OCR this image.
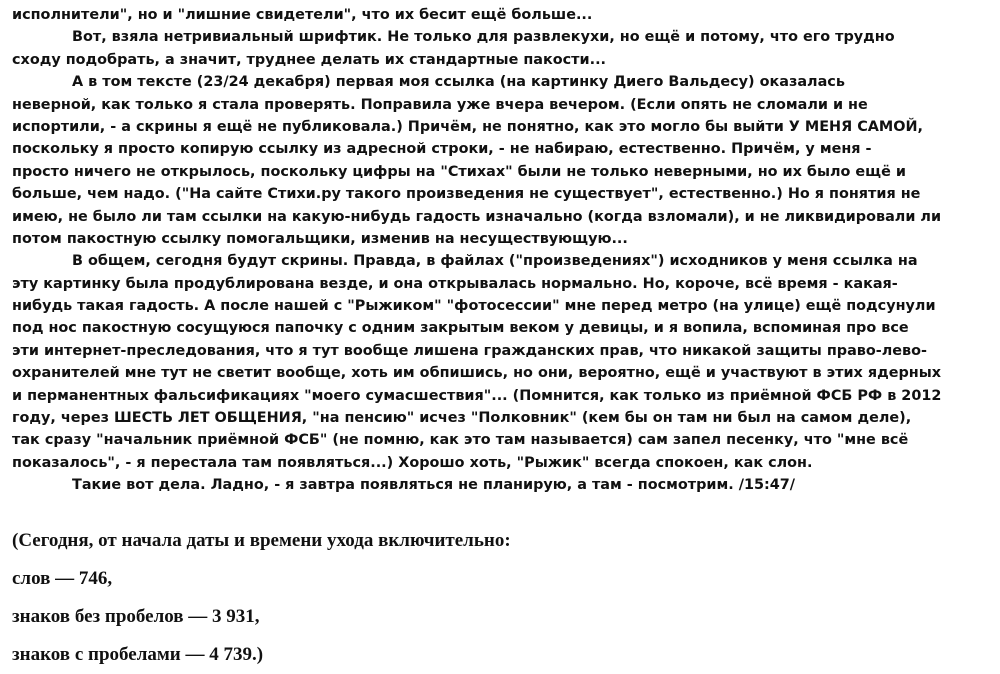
исполнители", но и "лишние свидетели", что их бесит ещё больше...
Вот, взяла нетривиальный шрифтик. Не только для развлекухи, но ещё и потому, что его трудно
сходу подобрать, а значит, труднее делать их стандартные пакости...
А в том тексте (23/24 декабря) первая моя ссылка (на картинку Диего Вальдесу) оказалась
неверной, как только я стала проверять. Поправила уже вчера вечером. (Если опять не сломали и не
испортили, - а скрины я ещё не публиковала.) Причём, не понятно, как это могло бы выйти У МЕНЯ САМОЙ,
поскольку я просто копирую ссылку из адресной строки, - не набираю, естественно. Причём, у меня -
просто ничего не открылось, поскольку цифры на "Стихах" были не только неверными, но их было ещё и
больше, чем надо. ("На сайте Стихи.ру такого произведения не существует", естественно.) Но я понятия не
имею, не было ли там ссылки на какую-нибудь гадость изначально (когда взломали), и не ликвидировали ли
потом пакостную ссылку помогальщики, изменив на несуществующую...
В общем, сегодня будут скрины. Правда, в файлах ("произведениях") исходников у меня ссылка на
эту картинку была продублирована везде, и она открывалась нормально. Но, короче, всё время - какая-
нибудь такая гадость. А после нашей с "Рыжиком" "фотосессии" мне перед метро (на улице) ещё подсунули
под нос пакостную сосущуюся папочку с одним закрытым веком у девицы, и я вопила, вспоминая про все
эти интернет-преследования, что я тут вообще лишена гражданских прав, что никакой защиты право-лево-
охранителей мне тут не светит вообще, хоть им обпишись, но они, вероятно, ещё и участвуют в этих ядерных
и перманентных фальсификациях "моего сумасшествия"... (Помнится, как только из приёмной ФСБ РФ в 2012
году, через ШЕСТЬ ЛЕТ ОБЩЕНИЯ, "на пенсию" исчез "Полковник" (кем бы он там ни был на самом деле),
так сразу "начальник приёмной ФСБ" (не помню, как это там называется) сам запел песенку, что "мне всё
показалось", - я перестала там появляться...) Хорошо хоть, "Рыжик" всегда спокоен, как слон.
Такие вот дела. Ладно, - я завтра появляться не планирую, а там - посмотрим. /15:47/
(Сегодня, от начала даты и времени ухода включительно:
слов — 746,
знаков без пробелов — 3 931,
знаков с пробелами — 4 739.)
